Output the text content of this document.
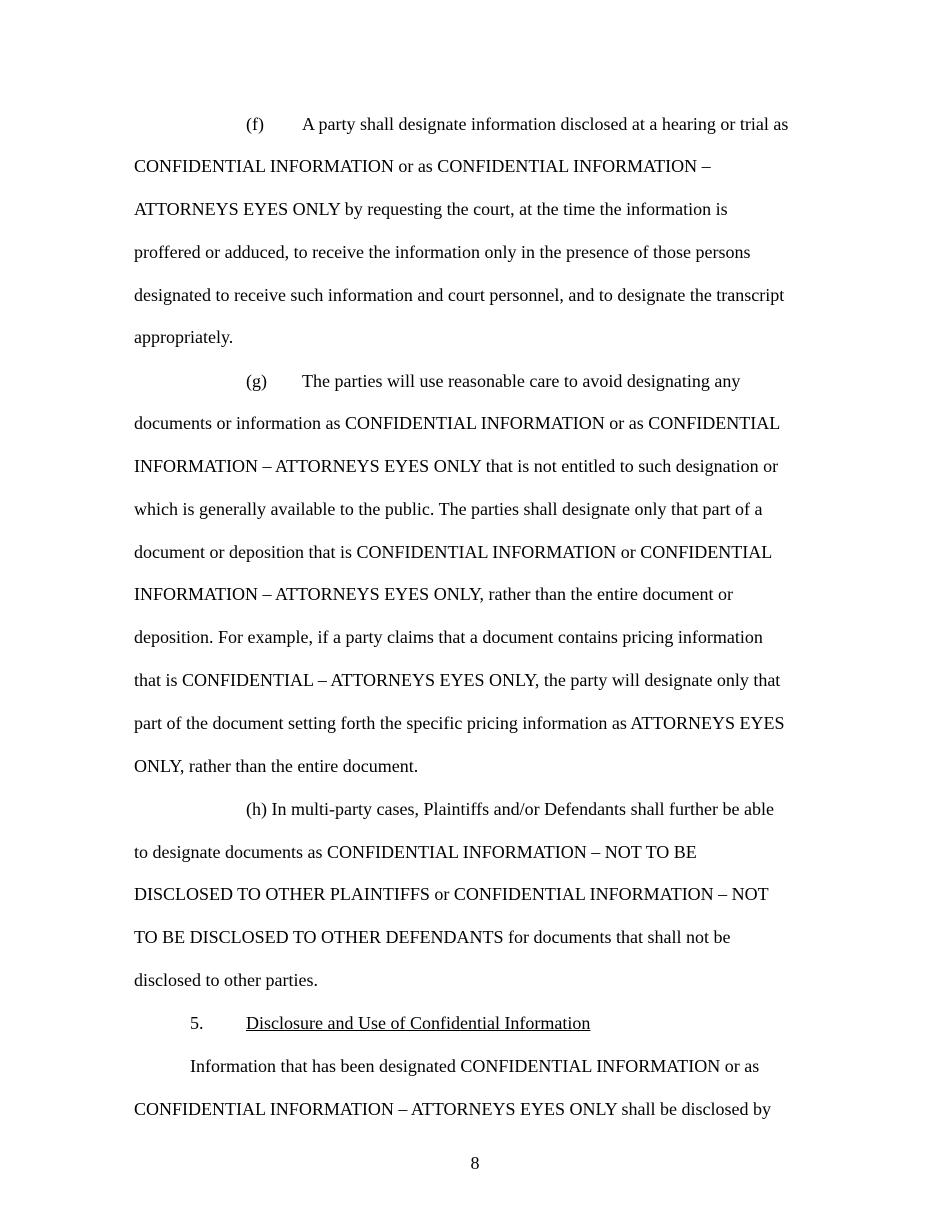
(f) A party shall designate information disclosed at a hearing or trial as
CONFIDENTIAL INFORMATION or as CONFIDENTIAL INFORMATION –
ATTORNEYS EYES ONLY by requesting the court, at the time the information is
proffered or adduced, to receive the information only in the presence of those persons
designated to receive such information and court personnel, and to designate the transcript
appropriately.
(g) The parties will use reasonable care to avoid designating any
documents or information as CONFIDENTIAL INFORMATION or as CONFIDENTIAL
INFORMATION – ATTORNEYS EYES ONLY that is not entitled to such designation or
which is generally available to the public. The parties shall designate only that part of a
document or deposition that is CONFIDENTIAL INFORMATION or CONFIDENTIAL
INFORMATION – ATTORNEYS EYES ONLY, rather than the entire document or
deposition. For example, if a party claims that a document contains pricing information
that is CONFIDENTIAL – ATTORNEYS EYES ONLY, the party will designate only that
part of the document setting forth the specific pricing information as ATTORNEYS EYES
ONLY, rather than the entire document.
(h) In multi-party cases, Plaintiffs and/or Defendants shall further be able
to designate documents as CONFIDENTIAL INFORMATION – NOT TO BE
DISCLOSED TO OTHER PLAINTIFFS or CONFIDENTIAL INFORMATION – NOT
TO BE DISCLOSED TO OTHER DEFENDANTS for documents that shall not be
disclosed to other parties.
5. Disclosure and Use of Confidential Information
Information that has been designated CONFIDENTIAL INFORMATION or as
CONFIDENTIAL INFORMATION – ATTORNEYS EYES ONLY shall be disclosed by
8
